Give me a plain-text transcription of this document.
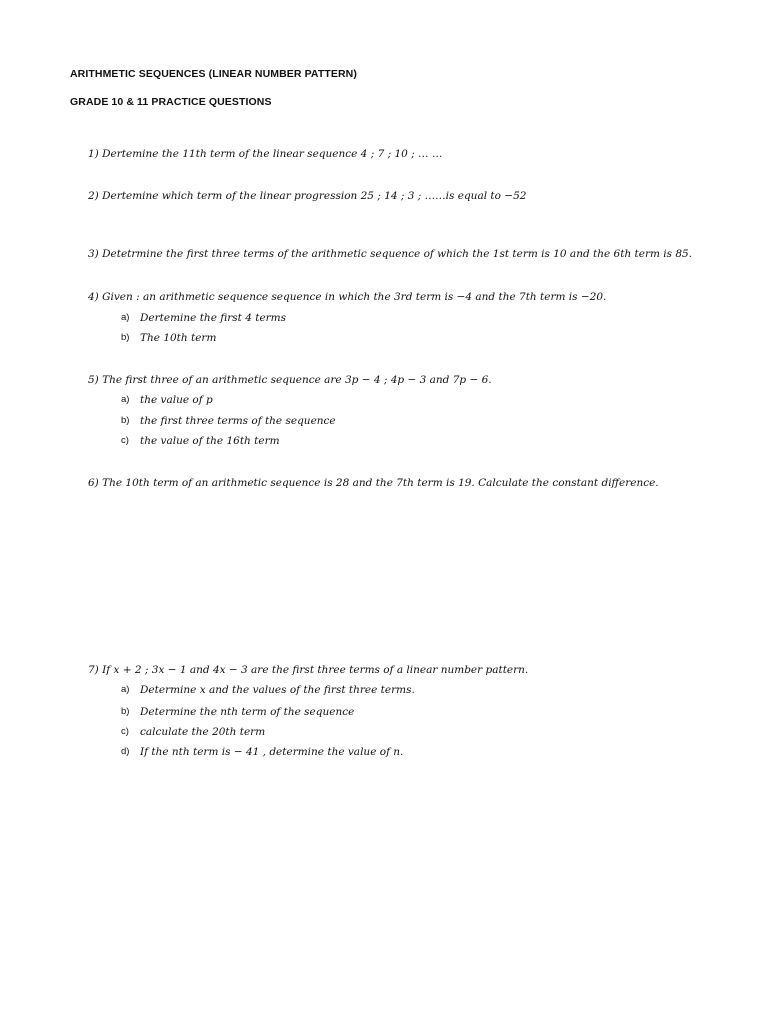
ARITHMETIC SEQUENCES (LINEAR NUMBER PATTERN)
GRADE 10 & 11 PRACTICE QUESTIONS
1) Dertemine the 11th term of the linear sequence 4 ; 7 ; 10 ; … …
2) Dertemine which term of the linear progression 25 ; 14 ; 3 ; ……is equal to −52
3) Detetrmine the first three terms of the arithmetic sequence of which the 1st term is 10 and the 6th term is 85.
4) Given : an arithmetic sequence sequence in which the 3rd term is −4 and the 7th term is −20.
a) Dertemine the first 4 terms
b) The 10th term
5) The first three of an arithmetic sequence are 3p − 4 ; 4p − 3 and 7p − 6.
a) the value of p
b) the first three terms of the sequence
c) the value of the 16th term
6) The 10th term of an arithmetic sequence is 28 and the 7th term is 19. Calculate the constant difference.
7) If x + 2 ; 3x − 1 and 4x − 3 are the first three terms of a linear number pattern.
a) Determine x and the values of the first three terms.
b) Determine the nth term of the sequence
c) calculate the 20th term
d) If the nth term is − 41 , determine the value of n.
